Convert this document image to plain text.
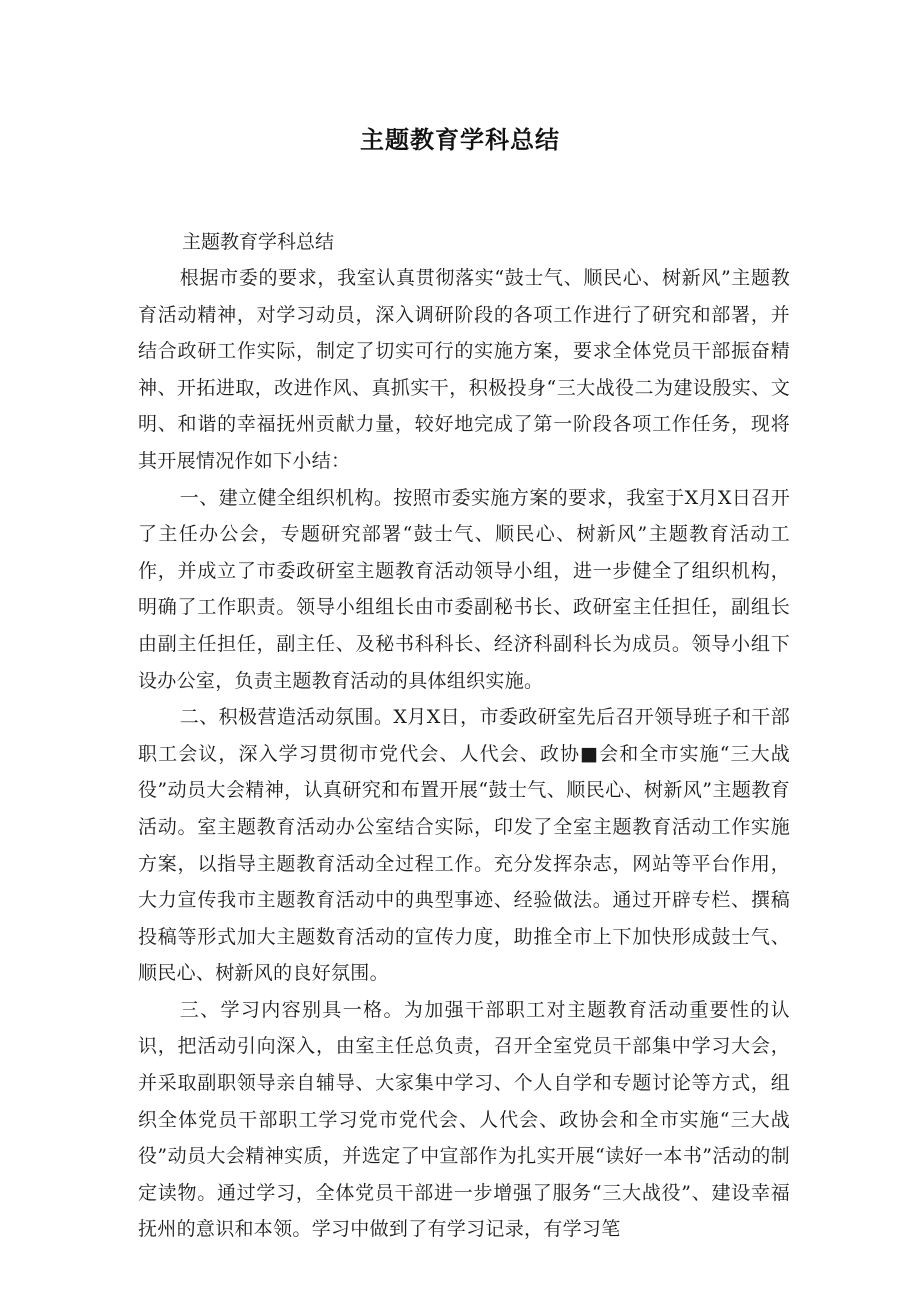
主题教育学科总结

主题教育学科总结

根据市委的要求，我室认真贯彻落实“鼓士气、顺民心、树新风”主题教育活动精神，对学习动员，深入调研阶段的各项工作进行了研究和部署，并结合政研工作实际，制定了切实可行的实施方案，要求全体党员干部振奋精神、开拓进取，改进作风、真抓实干，积极投身“三大战役二为建设殷实、文明、和谐的幸福抚州贡献力量，较好地完成了第一阶段各项工作任务，现将其开展情况作如下小结：

一、建立健全组织机构。按照市委实施方案的要求，我室于X月X日召开了主任办公会，专题研究部署“鼓士气、顺民心、树新风”主题教育活动工作，并成立了市委政研室主题教育活动领导小组，进一步健全了组织机构，明确了工作职责。领导小组组长由市委副秘书长、政研室主任担任，副组长由副主任担任，副主任、及秘书科科长、经济科副科长为成员。领导小组下设办公室，负责主题教育活动的具体组织实施。

二、积极营造活动氛围。X月X日，市委政研室先后召开领导班子和干部职工会议，深入学习贯彻市党代会、人代会、政协■会和全市实施“三大战役”动员大会精神，认真研究和布置开展“鼓士气、顺民心、树新风”主题教育活动。室主题教育活动办公室结合实际，印发了全室主题教育活动工作实施方案，以指导主题教育活动全过程工作。充分发挥杂志，网站等平台作用，大力宣传我市主题教育活动中的典型事迹、经验做法。通过开辟专栏、撰稿投稿等形式加大主题数育活动的宣传力度，助推全市上下加快形成鼓士气、顺民心、树新风的良好氛围。

三、学习内容别具一格。为加强干部职工对主题教育活动重要性的认识，把活动引向深入，由室主任总负责，召开全室党员干部集中学习大会，并采取副职领导亲自辅导、大家集中学习、个人自学和专题讨论等方式，组织全体党员干部职工学习党市党代会、人代会、政协会和全市实施“三大战役”动员大会精神实质，并选定了中宣部作为扎实开展“读好一本书”活动的制定读物。通过学习，全体党员干部进一步增强了服务“三大战役”、建设幸福抚州的意识和本领。学习中做到了有学习记录，有学习笔
